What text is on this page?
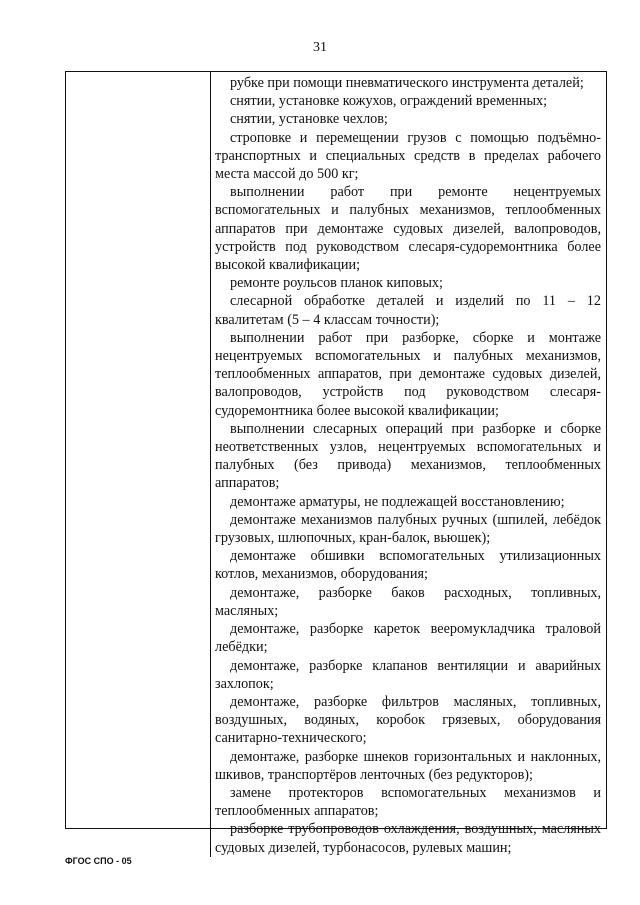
31
рубке при помощи пневматического инструмента деталей;
снятии, установке кожухов, ограждений временных;
снятии, установке чехлов;
строповке и перемещении грузов с помощью подъёмно-транспортных и специальных средств в пределах рабочего места массой до 500 кг;
выполнении работ при ремонте нецентруемых вспомогательных и палубных механизмов, теплообменных аппаратов при демонтаже судовых дизелей, валопроводов, устройств под руководством слесаря-судоремонтника более высокой квалификации;
ремонте роульсов планок киповых;
слесарной обработке деталей и изделий по 11 – 12 квалитетам (5 – 4 классам точности);
выполнении работ при разборке, сборке и монтаже нецентруемых вспомогательных и палубных механизмов, теплообменных аппаратов, при демонтаже судовых дизелей, валопроводов, устройств под руководством слесаря-судоремонтника более высокой квалификации;
выполнении слесарных операций при разборке и сборке неответственных узлов, нецентруемых вспомогательных и палубных (без привода) механизмов, теплообменных аппаратов;
демонтаже арматуры, не подлежащей восстановлению;
демонтаже механизмов палубных ручных (шпилей, лебёдок грузовых, шлюпочных, кран-балок, вьюшек);
демонтаже обшивки вспомогательных утилизационных котлов, механизмов, оборудования;
демонтаже, разборке баков расходных, топливных, масляных;
демонтаже, разборке кареток вееромукладчика траловой лебёдки;
демонтаже, разборке клапанов вентиляции и аварийных захлопок;
демонтаже, разборке фильтров масляных, топливных, воздушных, водяных, коробок грязевых, оборудования санитарно-технического;
демонтаже, разборке шнеков горизонтальных и наклонных, шкивов, транспортёров ленточных (без редукторов);
замене протекторов вспомогательных механизмов и теплообменных аппаратов;
разборке трубопроводов охлаждения, воздушных, масляных судовых дизелей, турбонасосов, рулевых машин;
ФГОС СПО - 05
